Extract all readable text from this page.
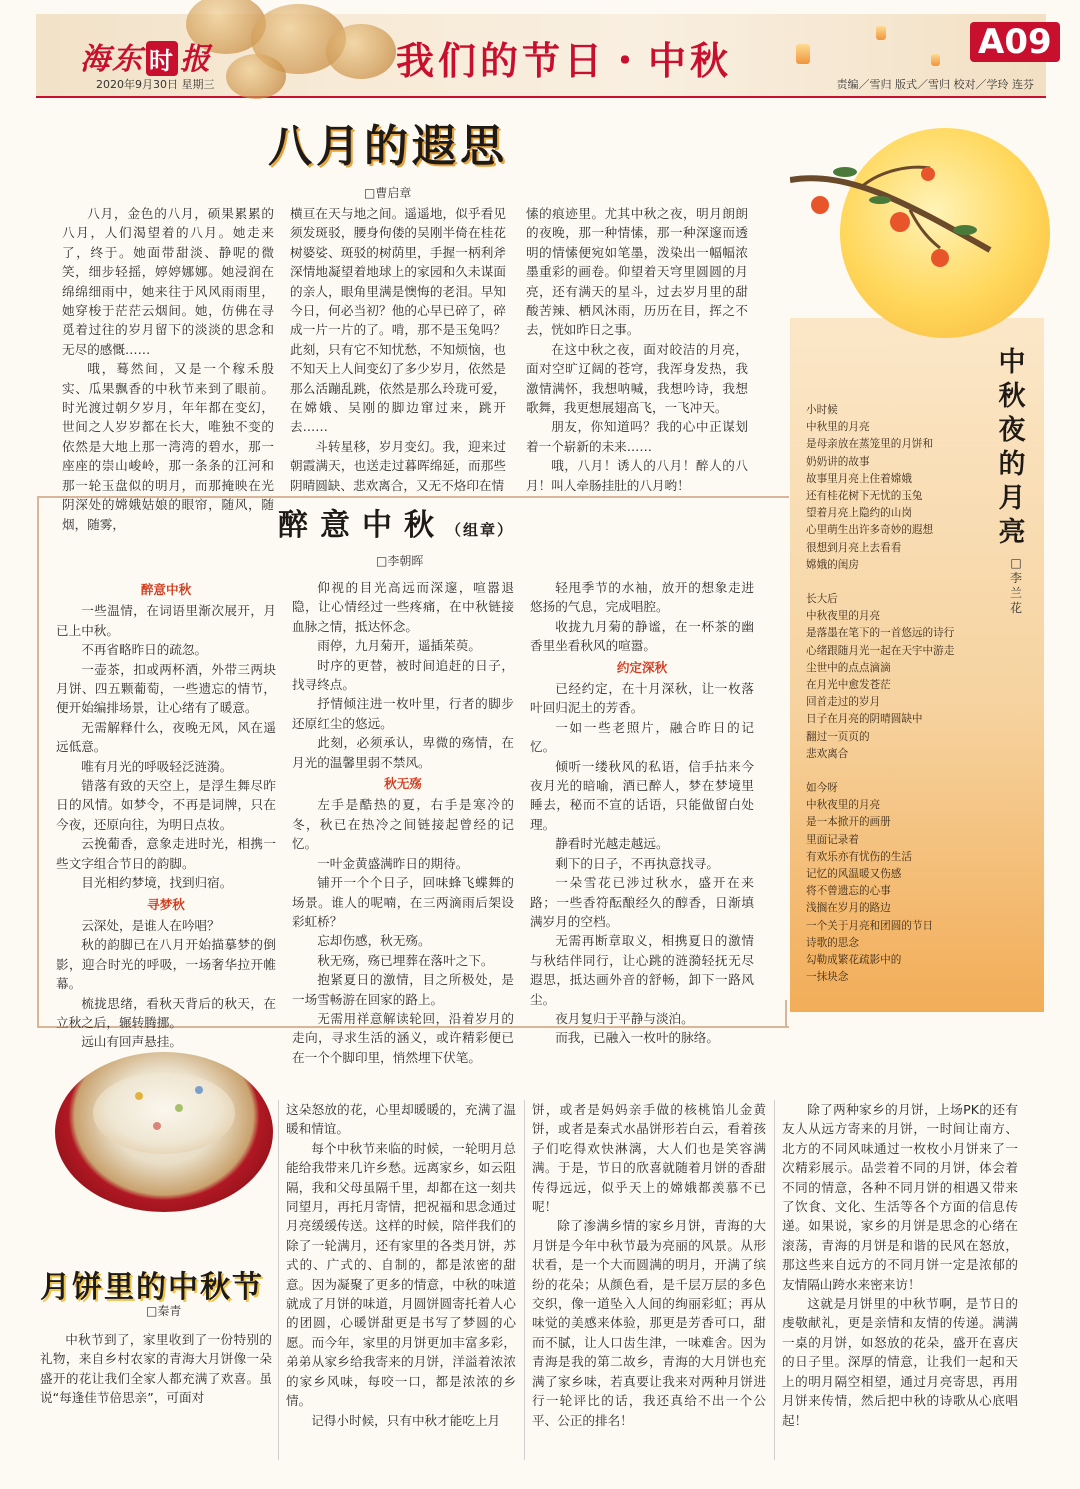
海东 时 报
2020年9月30日 星期三
我们的节日・中秋	A09
责编／雪归 版式／雪归 校对／学玲 连芬
八月的遐思
□曹启章

八月，金色的八月，硕果累累的八月，人们渴望着的八月。她走来了，终于。她面带甜淡、静呢的微笑，细步轻摇，婷婷娜娜。她浸润在绵绵细雨中，她来往于风风雨雨里，她穿梭于茫茫云烟间。她，仿佛在寻觅着过往的岁月留下的淡淡的思念和无尽的感慨……

哦，蓦然间，又是一个稼禾殷实、瓜果飘香的中秋节来到了眼前。时光渡过朝夕岁月，年年都在变幻，世间之人岁岁都在长大，唯独不变的依然是大地上那一湾湾的碧水，那一座座的崇山峻岭，那一条条的江河和那一轮玉盘似的明月，而那掩映在光阴深处的嫦娥姑娘的眼帘，随风，随烟，随雾，

横亘在天与地之间。遥遥地，似乎看见须发斑驳，腰身佝偻的吴刚半倚在桂花树婆娑、斑驳的树荫里，手握一柄利斧深情地凝望着地球上的家园和久未谋面的亲人，眼角里满是懊悔的老泪。早知今日，何必当初？他的心早已碎了，碎成一片一片的了。啃，那不是玉兔吗？此刻，只有它不知忧愁，不知烦恼，也不知天上人间变幻了多少岁月，依然是那么活蹦乱跳，依然是那么玲珑可爱，在嫦娥、吴刚的脚边窜过来，跳开去……

斗转星移，岁月变幻。我，迎来过朝霞满天，也送走过暮晖绵延，而那些阴晴圆缺、悲欢离合，又无不烙印在情

愫的痕迹里。尤其中秋之夜，明月朗朗的夜晚，那一种情愫，那一种深邃而透明的情愫便宛如笔墨，泼染出一幅幅浓墨重彩的画卷。仰望着天穹里圆圆的月亮，还有满天的星斗，过去岁月里的甜酸苦辣、栖风沐雨，历历在目，挥之不去，恍如昨日之事。

在这中秋之夜，面对皎洁的月亮，面对空旷辽阔的苍穹，我浑身发热，我激情满怀，我想呐喊，我想吟诗，我想歌舞，我更想展翅高飞，一飞冲天。

朋友，你知道吗？我的心中正谋划着一个崭新的未来……

哦，八月！诱人的八月！醉人的八月！叫人牵肠挂肚的八月哟！

醉意中秋（组章）
□李朝晖

醉意中秋

一些温情，在词语里渐次展开，月已上中秋。

不再省略昨日的疏忽。

一壶茶，扣或两杯酒，外带三两块月饼、四五颗葡萄，一些遗忘的情节，便开始编排场景，让心绪有了暖意。

无需解释什么，夜晚无风，风在遥远低意。

唯有月光的呼吸轻泛涟漪。

错落有致的天空上，是浮生舞尽昨日的风情。如梦令，不再是词牌，只在今夜，还原向往，为明日点妆。

云挽葡香，意象走进时光，相携一些文字组合节日的韵脚。

目光相约梦境，找到归宿。

寻梦秋

云深处，是谁人在吟唱？

秋的韵脚已在八月开始描摹梦的倒影，迎合时光的呼吸，一场奢华拉开帷幕。

梳拢思绪，看秋天背后的秋天，在立秋之后，辗转腾挪。

远山有回声悬挂。

仰视的目光高远而深邃，喧嚣退隐，让心情经过一些疼痛，在中秋链接血脉之情，抵达怀念。

雨停，九月菊开，遥插茱萸。

时序的更替，被时间追赶的日子，找寻终点。

抒情倾注进一枚叶里，行者的脚步还原红尘的悠远。

此刻，必须承认，卑微的殇情，在月光的温馨里弱不禁风。

秋无殇

左手是酷热的夏，右手是寒冷的冬，秋已在热冷之间链接起曾经的记忆。

一叶金黄盛满昨日的期待。

铺开一个个日子，回味蜂飞蝶舞的场景。谁人的呢喃，在三两滴雨后架设彩虹桥？

忘却伤感，秋无殇。

秋无殇，殇已埋葬在落叶之下。

抱紧夏日的激情，目之所极处，是一场雪畅游在回家的路上。

无需用祥意解读轮回，沿着岁月的走向，寻求生活的涵义，或许精彩便已在一个个脚印里，悄然埋下伏笔。

轻甩季节的水袖，放开的想象走进悠扬的气息，完成唱腔。

收拢九月菊的静谧，在一杯茶的幽香里坐看秋风的喧嚣。

约定深秋

已经约定，在十月深秋，让一枚落叶回归泥土的芳香。

一如一些老照片，融合昨日的记忆。

倾听一缕秋风的私语，信手拈来今夜月光的暗喻，酒已醉人，梦在梦境里睡去，秘而不宣的话语，只能做留白处理。

静看时光越走越远。

剩下的日子，不再执意找寻。

一朵雪花已涉过秋水，盛开在来路；一些香符酝酿经久的醇香，日渐填满岁月的空档。

无需再断章取义，相携夏日的激情与秋结伴同行，让心跳的涟漪轻抚无尽遐思，抵达画外音的舒畅，卸下一路风尘。

夜月复归于平静与淡泊。

而我，已融入一枚叶的脉络。

中秋夜的月亮
□李兰花
小时候
中秋里的月亮
是母亲放在蒸笼里的月饼和
奶奶讲的故事
故事里月亮上住着嫦娥
还有桂花树下无忧的玉兔
望着月亮上隐约的山岗
心里萌生出许多奇妙的遐想
很想到月亮上去看看
嫦娥的闺房
长大后
中秋夜里的月亮
是落墨在笔下的一首悠远的诗行
心绪跟随月光一起在天宇中游走
尘世中的点点滴滴
在月光中愈发苍茫
回首走过的岁月
日子在月亮的阴晴圆缺中
翻过一页页的
悲欢离合
如今呀
中秋夜里的月亮
是一本掀开的画册
里面记录着
有欢乐亦有忧伤的生活
记忆的风温暖又伤感
将不曾遗忘的心事
浅搁在岁月的路边
一个关于月亮和团圆的节日
诗歌的思念
勾勒成繁花疏影中的
一抹块念
月饼里的中秋节
□秦青

中秋节到了，家里收到了一份特别的礼物，来自乡村农家的青海大月饼像一朵盛开的花让我们全家人都充满了欢喜。虽说“每逢佳节倍思亲”，可面对

这朵怒放的花，心里却暖暖的，充满了温暖和情谊。

每个中秋节来临的时候，一轮明月总能给我带来几许乡愁。远离家乡，如云阻隔，我和父母虽隔千里，却都在这一刻共同望月，再托月寄情，把祝福和思念通过月亮缓缓传送。这样的时候，陪伴我们的除了一轮满月，还有家里的各类月饼，苏式的、广式的、自制的，都是浓密的甜意。因为凝聚了更多的情意，中秋的味道就成了月饼的味道，月圆饼圆寄托着人心的团圆，心暖饼甜更是书写了梦圆的心愿。而今年，家里的月饼更加丰富多彩，弟弟从家乡给我寄来的月饼，洋溢着浓浓的家乡风味，每咬一口，都是浓浓的乡情。

记得小时候，只有中秋才能吃上月

饼，或者是妈妈亲手做的核桃馅儿金黄饼，或者是秦式水晶饼形若白云，看着孩子们吃得欢快淋漓，大人们也是笑容满满。于是，节日的欣喜就随着月饼的香甜传得远远，似乎天上的嫦娥都羡慕不已呢！

除了渗满乡情的家乡月饼，青海的大月饼是今年中秋节最为亮丽的风景。从形状看，是一个大而圆满的明月，开满了缤纷的花朵；从颜色看，是千层万层的多色交织，像一道坠入人间的绚丽彩虹；再从味觉的美感来体验，那更是芳香可口，甜而不腻，让人口齿生津，一味难舍。因为青海是我的第二故乡，青海的大月饼也充满了家乡味，若真要让我来对两种月饼进行一轮评比的话，我还真给不出一个公平、公正的排名！

除了两种家乡的月饼，上场PK的还有友人从远方寄来的月饼，一时间让南方、北方的不同风味通过一枚枚小月饼来了一次精彩展示。品尝着不同的月饼，体会着不同的情意，各种不同月饼的相遇又带来了饮食、文化、生活等各个方面的信息传递。如果说，家乡的月饼是思念的心绪在滚荡，青海的月饼是和谐的民风在怒放，那这些来自远方的不同月饼一定是浓郁的友情隔山跨水来密来访！

这就是月饼里的中秋节啊，是节日的虔敬献礼，更是亲情和友情的传递。满满一桌的月饼，如怒放的花朵，盛开在喜庆的日子里。深厚的情意，让我们一起和天上的明月隔空相望，通过月亮寄思，再用月饼来传情，然后把中秋的诗歌从心底唱起！
